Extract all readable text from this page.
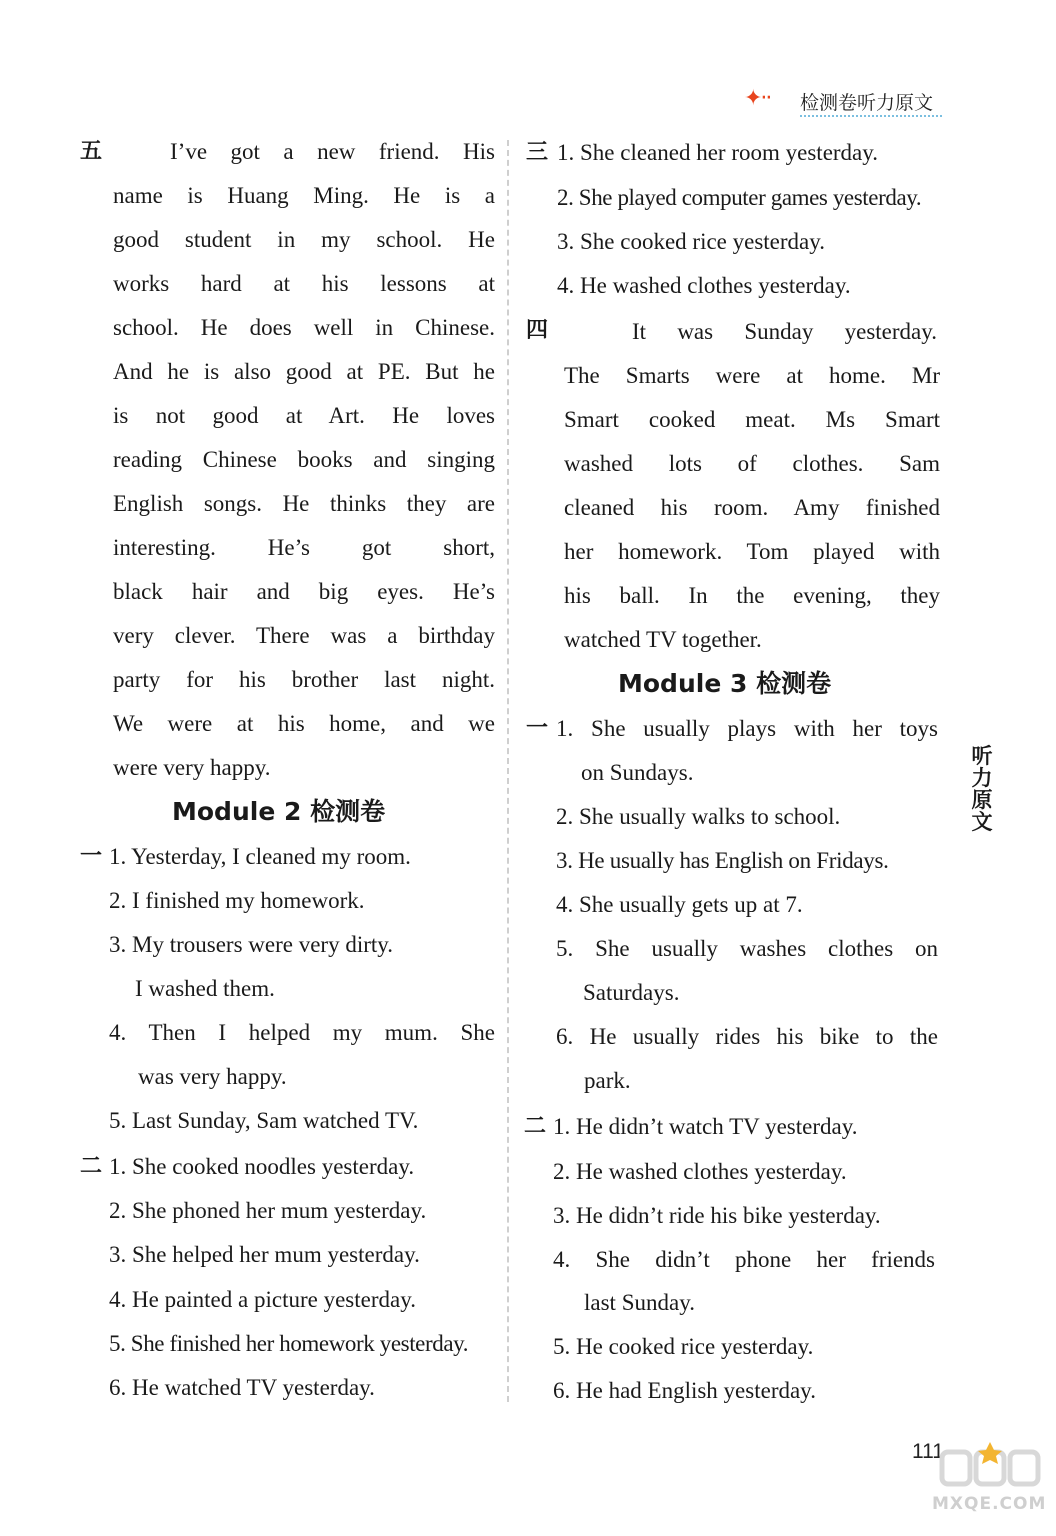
✦·· 检测卷听力原文
五	I’ve got a new friend. His
name is Huang Ming. He is a
good student in my school. He
works hard at his lessons at
school. He does well in Chinese.
And he is also good at PE. But he
is not good at Art. He loves
reading Chinese books and singing
English songs. He thinks they are
interesting. He’s got short,
black hair and big eyes. He’s
very clever. There was a birthday
party for his brother last night.
We were at his home, and we
were very happy.
Module 2 检测卷
一 1. Yesterday, I cleaned my room.
2. I finished my homework.
3. My trousers were very dirty.
I washed them.
4. Then I helped my mum. She
was very happy.
5. Last Sunday, Sam watched TV.
二 1. She cooked noodles yesterday.
2. She phoned her mum yesterday.
3. She helped her mum yesterday.
4. He painted a picture yesterday.
5. She finished her homework yesterday.
6. He watched TV yesterday.
三 1. She cleaned her room yesterday.
2. She played computer games yesterday.
3. She cooked rice yesterday.
4. He washed clothes yesterday.
四	It was Sunday yesterday.
The Smarts were at home. Mr
Smart cooked meat. Ms Smart
washed lots of clothes. Sam
cleaned his room. Amy finished
her homework. Tom played with
his ball. In the evening, they
watched TV together.
Module 3 检测卷
一 1. She usually plays with her toys
on Sundays.
2. She usually walks to school.
3. He usually has English on Fridays.
4. She usually gets up at 7.
5. She usually washes clothes on
Saturdays.
6. He usually rides his bike to the
park.
二 1. He didn’t watch TV yesterday.
2. He washed clothes yesterday.
3. He didn’t ride his bike yesterday.
4. She didn’t phone her friends
last Sunday.
5. He cooked rice yesterday.
6. He had English yesterday.
听
力
原
文
111
MXQE.COM
